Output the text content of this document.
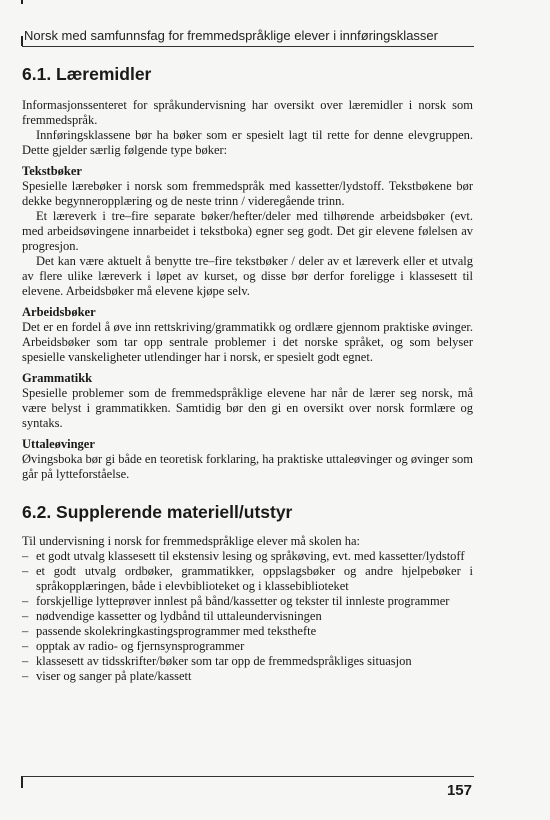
Norsk med samfunnsfag for fremmedspråklige elever i innføringsklasser
6.1. Læremidler

Informasjonssenteret for språkundervisning har oversikt over læremidler i norsk som fremmedspråk.

Innføringsklassene bør ha bøker som er spesielt lagt til rette for denne elevgruppen. Dette gjelder særlig følgende type bøker:

Tekstbøker

Spesielle lærebøker i norsk som fremmedspråk med kassetter/lydstoff. Tekstbøkene bør dekke begynneropplæring og de neste trinn / videregående trinn.

Et læreverk i tre–fire separate bøker/hefter/deler med tilhørende arbeidsbøker (evt. med arbeidsøvingene innarbeidet i tekstboka) egner seg godt. Det gir elevene følelsen av progresjon.

Det kan være aktuelt å benytte tre–fire tekstbøker / deler av et læreverk eller et utvalg av flere ulike læreverk i løpet av kurset, og disse bør derfor foreligge i klassesett til elevene. Arbeidsbøker må elevene kjøpe selv.

Arbeidsbøker

Det er en fordel å øve inn rettskriving/grammatikk og ordlære gjennom praktiske øvinger. Arbeidsbøker som tar opp sentrale problemer i det norske språket, og som belyser spesielle vanskeligheter utlendinger har i norsk, er spesielt godt egnet.

Grammatikk

Spesielle problemer som de fremmedspråklige elevene har når de lærer seg norsk, må være belyst i grammatikken. Samtidig bør den gi en oversikt over norsk formlære og syntaks.

Uttaleøvinger

Øvingsboka bør gi både en teoretisk forklaring, ha praktiske uttaleøvinger og øvinger som går på lytteforståelse.

6.2. Supplerende materiell/utstyr

Til undervisning i norsk for fremmedspråklige elever må skolen ha:

– et godt utvalg klassesett til ekstensiv lesing og språkøving, evt. med kassetter/lydstoff
– et godt utvalg ordbøker, grammatikker, oppslagsbøker og andre hjelpebøker i språkopplæringen, både i elevbiblioteket og i klassebiblioteket
– forskjellige lytteprøver innlest på bånd/kassetter og tekster til innleste programmer
– nødvendige kassetter og lydbånd til uttaleundervisningen
– passende skolekringkastingsprogrammer med teksthefte
– opptak av radio- og fjernsynsprogrammer
– klassesett av tidsskrifter/bøker som tar opp de fremmedspråkliges situasjon
– viser og sanger på plate/kassett
157
